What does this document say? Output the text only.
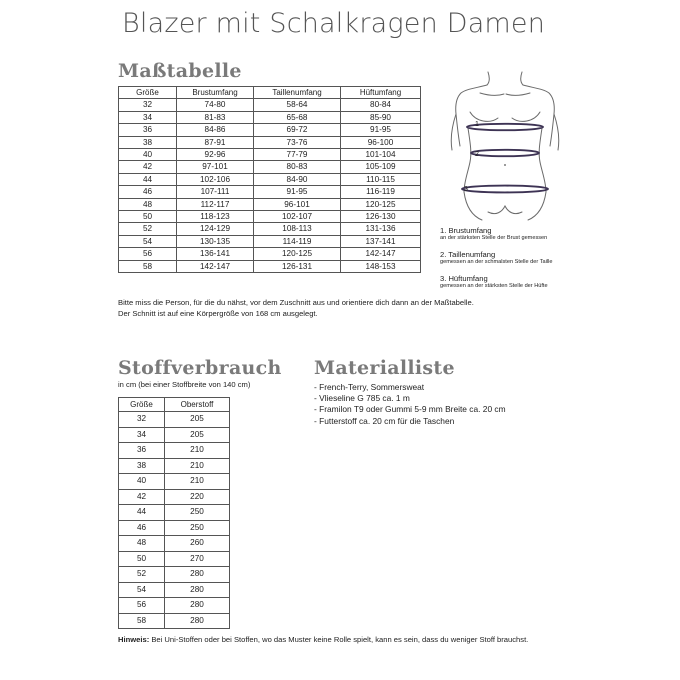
Blazer mit Schalkragen Damen
Maßtabelle
Größe	Brustumfang	Taillenumfang	Hüftumfang
32	74-80	58-64	80-84
34	81-83	65-68	85-90
36	84-86	69-72	91-95
38	87-91	73-76	96-100
40	92-96	77-79	101-104
42	97-101	80-83	105-109
44	102-106	84-90	110-115
46	107-111	91-95	116-119
48	112-117	96-101	120-125
50	118-123	102-107	126-130
52	124-129	108-113	131-136
54	130-135	114-119	137-141
56	136-141	120-125	142-147
58	142-147	126-131	148-153
Bitte miss die Person, für die du nähst, vor dem Zuschnitt aus und orientiere dich dann an der Maßtabelle.
Der Schnitt ist auf eine Körpergröße von 168 cm ausgelegt.
1
2
3
1. Brustumfang
an der stärksten Stelle der Brust gemessen
2. Taillenumfang
gemessen an der schmalsten Stelle der Taille
3. Hüftumfang
gemessen an der stärksten Stelle der Hüfte
Stoffverbrauch
in cm (bei einer Stoffbreite von 140 cm)
Größe	Oberstoff
32	205
34	205
36	210
38	210
40	210
42	220
44	250
46	250
48	260
50	270
52	280
54	280
56	280
58	280
Materialliste
- French-Terry, Sommersweat
- Vlieseline G 785 ca. 1 m
- Framilon T9 oder Gummi 5-9 mm Breite ca. 20 cm
- Futterstoff ca. 20 cm für die Taschen
Hinweis: Bei Uni-Stoffen oder bei Stoffen, wo das Muster keine Rolle spielt, kann es sein, dass du weniger Stoff brauchst.
